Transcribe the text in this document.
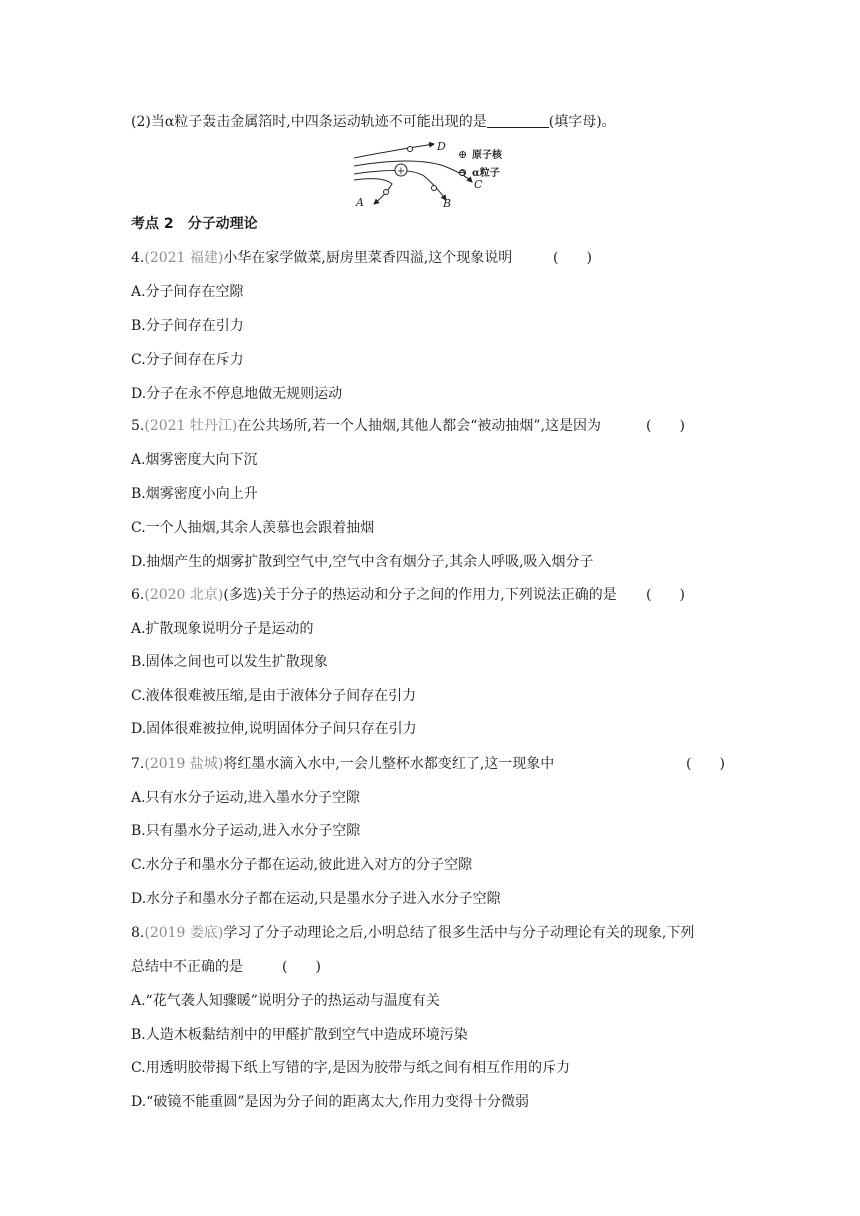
(2)当α粒子轰击金属箔时,中四条运动轨迹不可能出现的是	(填字母)。
+
D
C
B
A
⊕ 原子核
⊖ α粒子
考点 2　分子动理论
4.(2021 福建)小华在家学做菜,厨房里菜香四溢,这个现象说明	(　　)
A.分子间存在空隙
B.分子间存在引力
C.分子间存在斥力
D.分子在永不停息地做无规则运动
5.(2021 牡丹江)在公共场所,若一个人抽烟,其他人都会“被动抽烟”,这是因为	(　　)
A.烟雾密度大向下沉
B.烟雾密度小向上升
C.一个人抽烟,其余人羡慕也会跟着抽烟
D.抽烟产生的烟雾扩散到空气中,空气中含有烟分子,其余人呼吸,吸入烟分子
6.(2020 北京)(多选)关于分子的热运动和分子之间的作用力,下列说法正确的是 (　　)
A.扩散现象说明分子是运动的
B.固体之间也可以发生扩散现象
C.液体很难被压缩,是由于液体分子间存在引力
D.固体很难被拉伸,说明固体分子间只存在引力
7.(2019 盐城)将红墨水滴入水中,一会儿整杯水都变红了,这一现象中	(　　)
A.只有水分子运动,进入墨水分子空隙
B.只有墨水分子运动,进入水分子空隙
C.水分子和墨水分子都在运动,彼此进入对方的分子空隙
D.水分子和墨水分子都在运动,只是墨水分子进入水分子空隙
8.(2019 娄底)学习了分子动理论之后,小明总结了很多生活中与分子动理论有关的现象,下列
总结中不正确的是	(　　)
A.“花气袭人知骤暖”说明分子的热运动与温度有关
B.人造木板黏结剂中的甲醛扩散到空气中造成环境污染
C.用透明胶带揭下纸上写错的字,是因为胶带与纸之间有相互作用的斥力
D.“破镜不能重圆”是因为分子间的距离太大,作用力变得十分微弱
